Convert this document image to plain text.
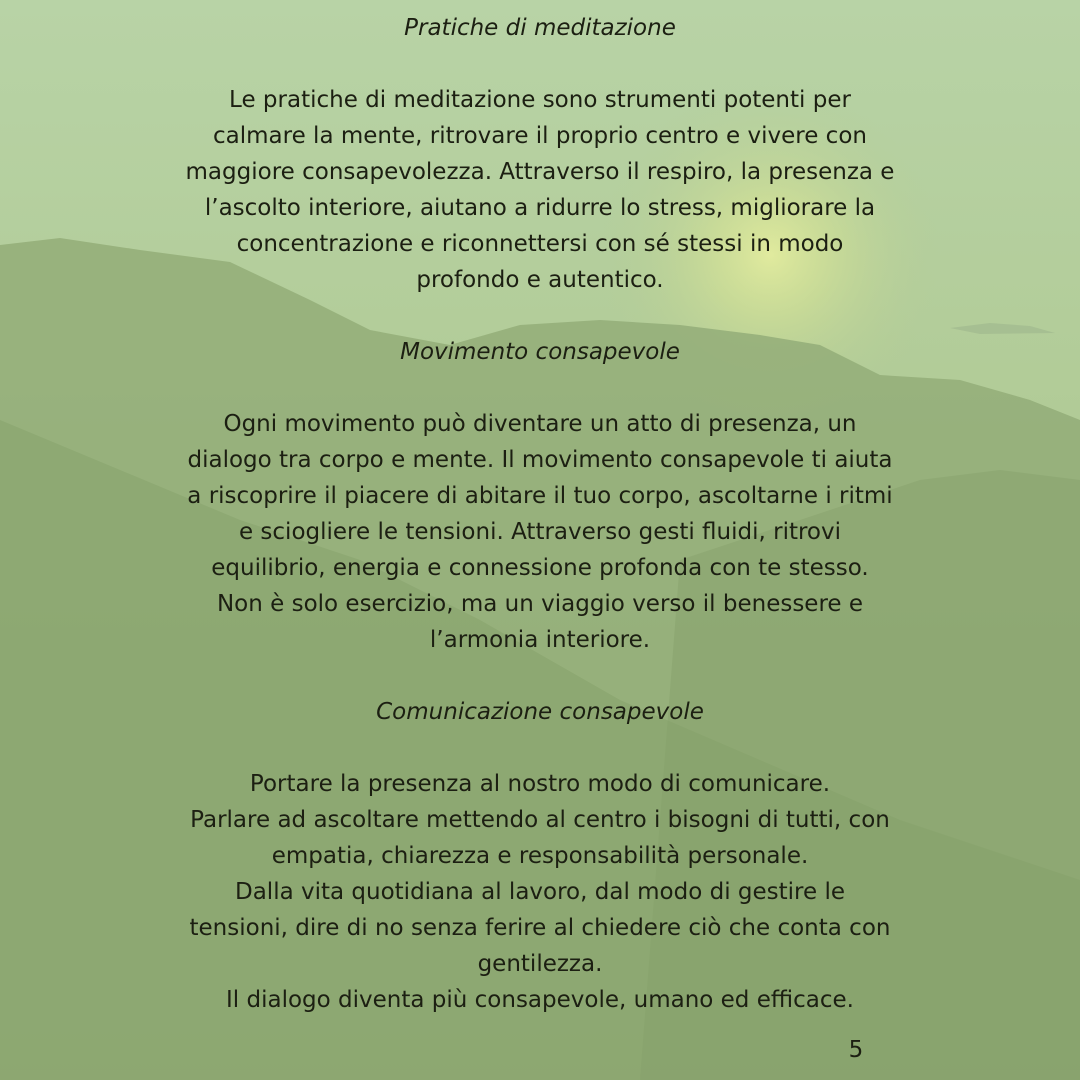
Pratiche di meditazione

Le pratiche di meditazione sono strumenti potenti per
calmare la mente, ritrovare il proprio centro e vivere con
maggiore consapevolezza. Attraverso il respiro, la presenza e
l’ascolto interiore, aiutano a ridurre lo stress, migliorare la
concentrazione e riconnettersi con sé stessi in modo
profondo e autentico.

Movimento consapevole

Ogni movimento può diventare un atto di presenza, un
dialogo tra corpo e mente. Il movimento consapevole ti aiuta
a riscoprire il piacere di abitare il tuo corpo, ascoltarne i ritmi
e sciogliere le tensioni. Attraverso gesti fluidi, ritrovi
equilibrio, energia e connessione profonda con te stesso.
Non è solo esercizio, ma un viaggio verso il benessere e
l’armonia interiore.

Comunicazione consapevole

Portare la presenza al nostro modo di comunicare.
Parlare ad ascoltare mettendo al centro i bisogni di tutti, con
empatia, chiarezza e responsabilità personale.
Dalla vita quotidiana al lavoro, dal modo di gestire le
tensioni, dire di no senza ferire al chiedere ciò che conta con
gentilezza.
Il dialogo diventa più consapevole, umano ed efficace.

5
